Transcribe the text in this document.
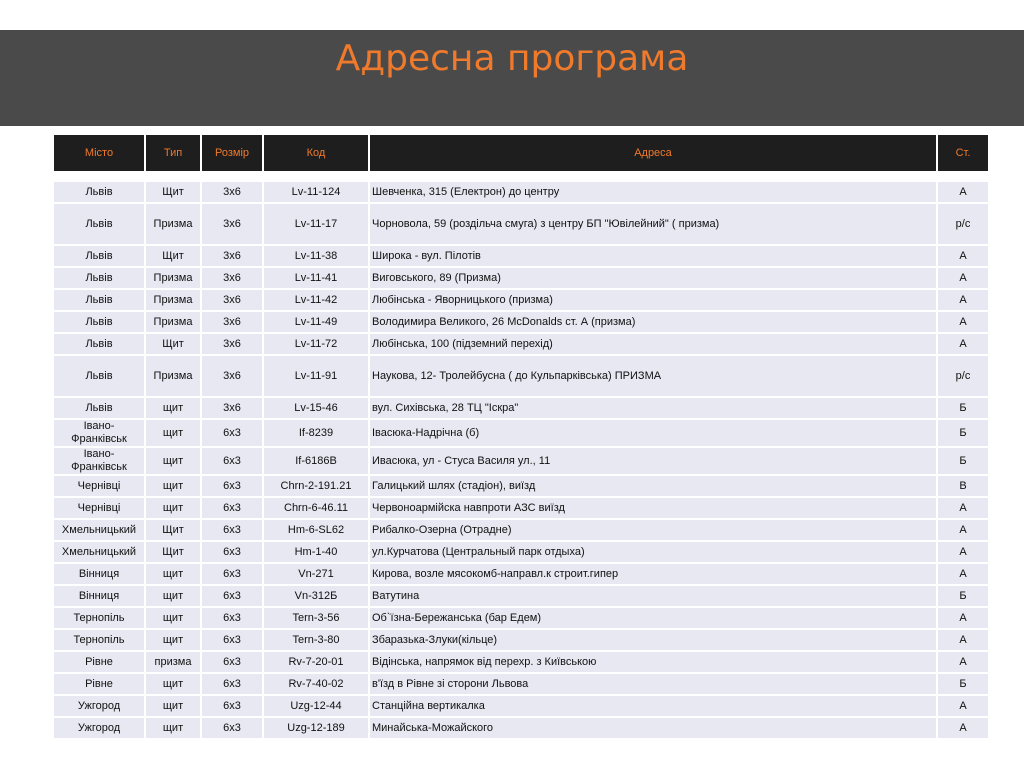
Адресна програма
Місто	Тип	Розмір	Код	Адреса	Ст.
Львів	Щит	3х6	Lv-11-124	Шевченка, 315 (Електрон) до центру	А
Львів	Призма	3х6	Lv-11-17	Чорновола, 59 (роздільча смуга) з центру БП "Ювілейний" ( призма)	р/с
Львів	Щит	3х6	Lv-11-38	Широка - вул. Пілотів	А
Львів	Призма	3х6	Lv-11-41	Виговського, 89 (Призма)	А
Львів	Призма	3х6	Lv-11-42	Любінська - Яворницького (призма)	А
Львів	Призма	3х6	Lv-11-49	Володимира Великого, 26 McDonalds ст. А (призма)	А
Львів	Щит	3х6	Lv-11-72	Любінська, 100 (підземний перехід)	А
Львів	Призма	3х6	Lv-11-91	Наукова, 12- Тролейбусна ( до Кульпарківська) ПРИЗМА	р/с
Львів	щит	3х6	Lv-15-46	вул. Сихівська, 28 ТЦ "Іскра"	Б
Івано-Франківськ	щит	6х3	If-8239	Івасюка-Надрічна (б)	Б
Івано-Франківськ	щит	6х3	If-6186B	Ивасюка, ул - Стуса Василя ул., 11	Б
Чернівці	щит	6х3	Chrn-2-191.21	Галицький шлях (стадіон), виїзд	В
Чернівці	щит	6х3	Chrn-6-46.11	Червоноармійска навпроти АЗС виїзд	А
Хмельницький	Щит	6х3	Hm-6-SL62	Рибалко-Озерна (Отрадне)	А
Хмельницький	Щит	6х3	Hm-1-40	ул.Курчатова (Центральный парк отдыха)	А
Вінниця	щит	6х3	Vn-271	Кирова, возле мясокомб-направл.к строит.гипер	А
Вінниця	щит	6х3	Vn-312Б	Ватутина	Б
Тернопіль	щит	6х3	Tern-3-56	Об`їзна-Бережанська (бар Едем)	А
Тернопіль	щит	6х3	Tern-3-80	Збаразька-Злуки(кільце)	А
Рівне	призма	6х3	Rv-7-20-01	Відінська, напрямок від перехр. з Київською	А
Рівне	щит	6х3	Rv-7-40-02	в'їзд в Рівне зі сторони Львова	Б
Ужгород	щит	6х3	Uzg-12-44	Станційна вертикалка	А
Ужгород	щит	6х3	Uzg-12-189	Минайська-Можайского	А
